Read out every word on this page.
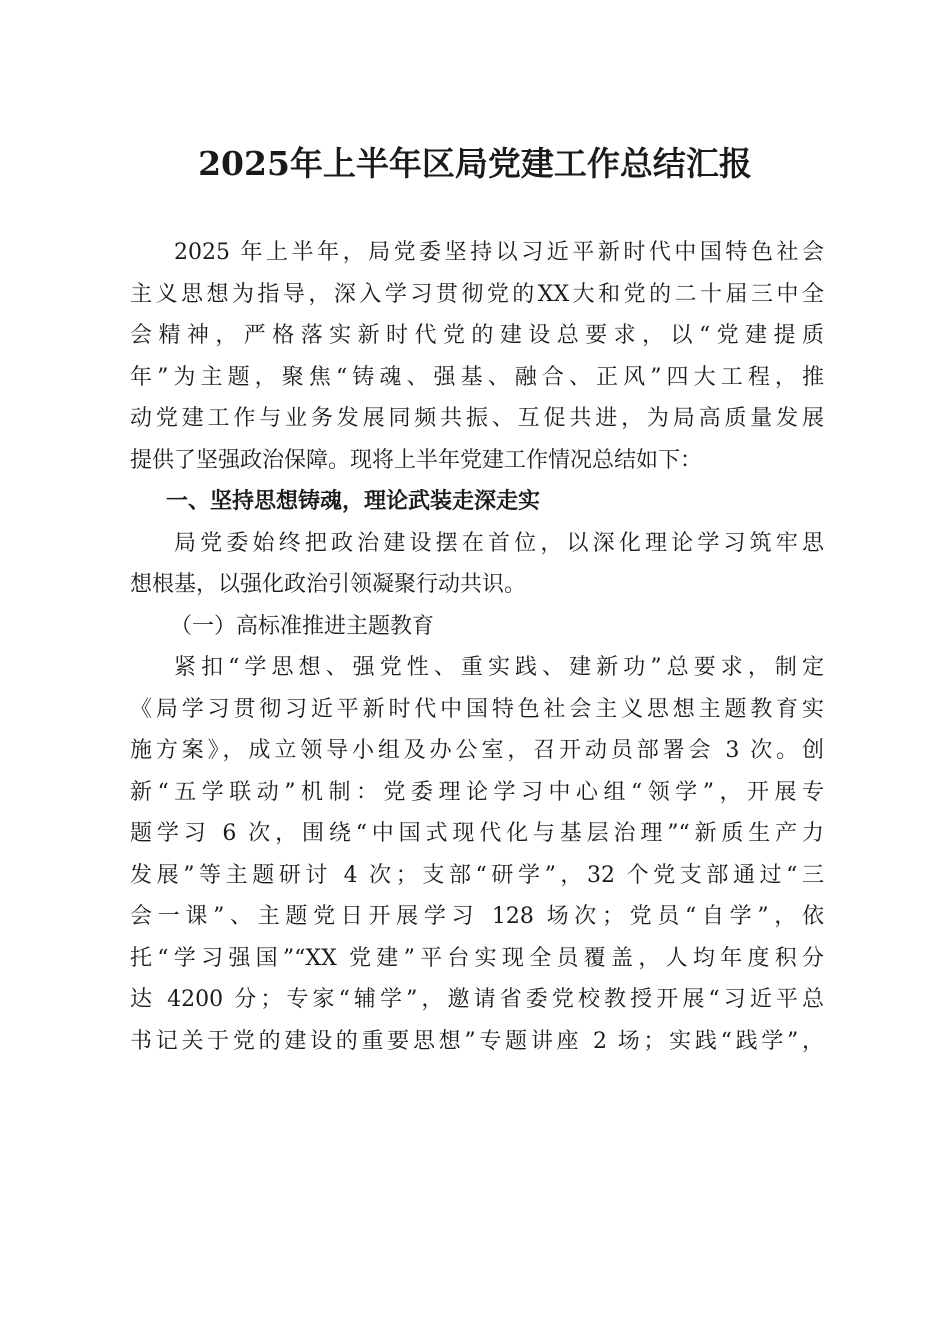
2025年上半年区局党建工作总结汇报
2025 年上半年，局党委坚持以习近平新时代中国特色社会
主义思想为指导，深入学习贯彻党的XX大和党的二十届三中全
会精神，严格落实新时代党的建设总要求，以“党建提质
年”为主题，聚焦“铸魂、强基、融合、正风”四大工程，推
动党建工作与业务发展同频共振、互促共进，为局高质量发展
提供了坚强政治保障。现将上半年党建工作情况总结如下：
一、坚持思想铸魂，理论武装走深走实
局党委始终把政治建设摆在首位，以深化理论学习筑牢思
想根基，以强化政治引领凝聚行动共识。
（一）高标准推进主题教育
紧扣“学思想、强党性、重实践、建新功”总要求，制定
《局学习贯彻习近平新时代中国特色社会主义思想主题教育实
施方案》，成立领导小组及办公室，召开动员部署会 3 次。创
新“五学联动”机制：党委理论学习中心组“领学”，开展专
题学习 6 次，围绕“中国式现代化与基层治理”“新质生产力
发展”等主题研讨 4 次；支部“研学”，32 个党支部通过“三
会一课”、主题党日开展学习 128 场次；党员“自学”，依
托“学习强国”“XX 党建”平台实现全员覆盖，人均年度积分
达 4200 分；专家“辅学”，邀请省委党校教授开展“习近平总
书记关于党的建设的重要思想”专题讲座 2 场；实践“践学”，
